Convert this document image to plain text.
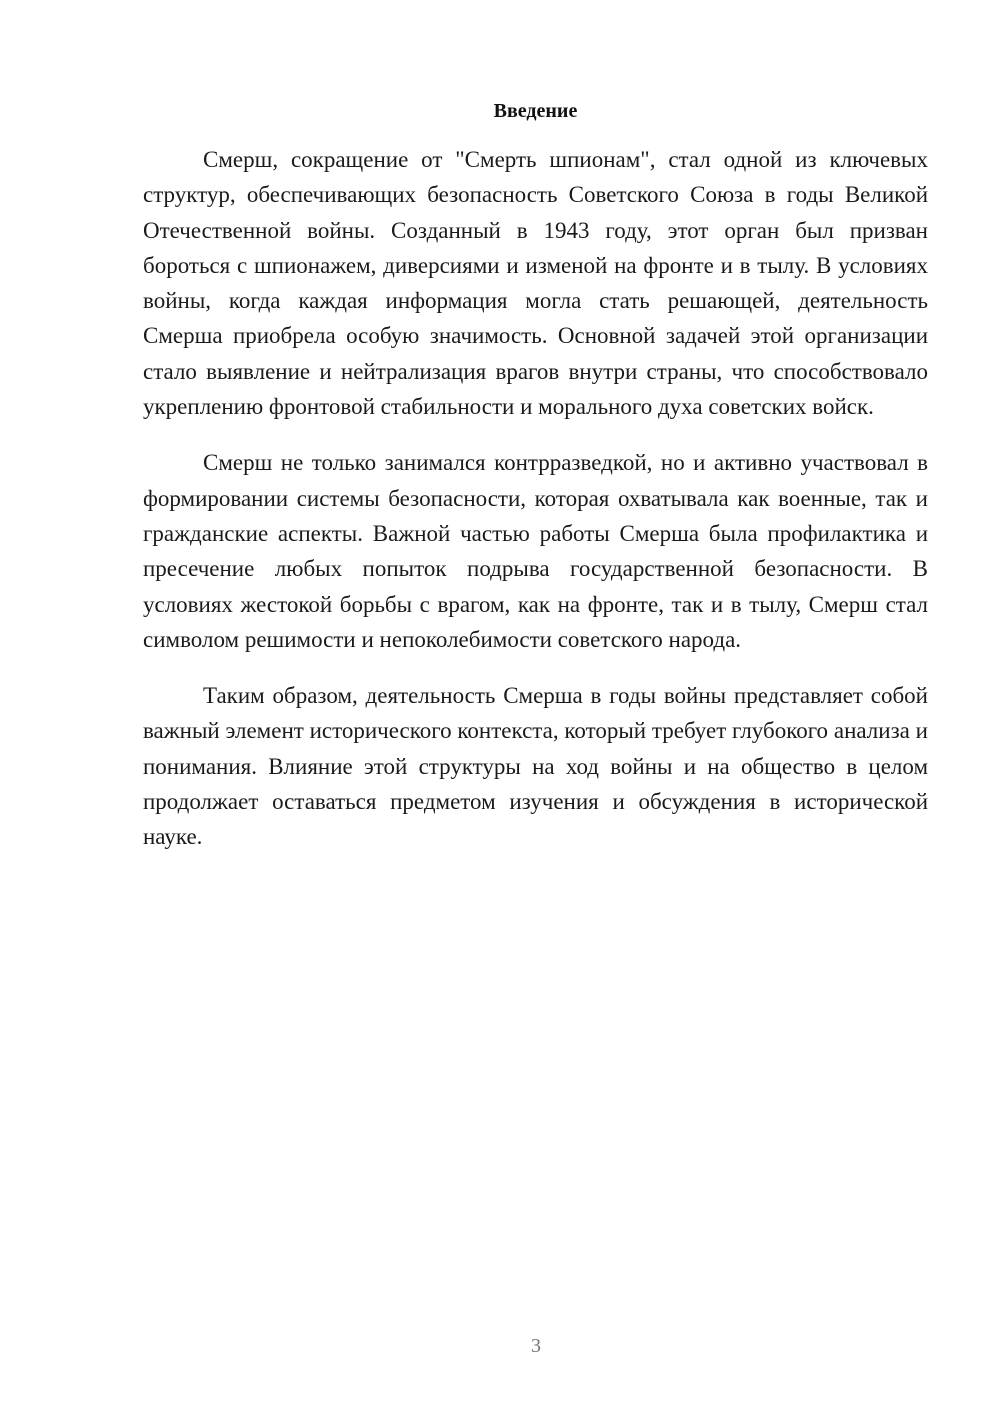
Введение

Смерш, сокращение от "Смерть шпионам", стал одной из ключевых структур, обеспечивающих безопасность Советского Союза в годы Великой Отечественной войны. Созданный в 1943 году, этот орган был призван бороться с шпионажем, диверсиями и изменой на фронте и в тылу. В условиях войны, когда каждая информация могла стать решающей, деятельность Смерша приобрела особую значимость. Основной задачей этой организации стало выявление и нейтрализация врагов внутри страны, что способствовало укреплению фронтовой стабильности и морального духа советских войск.

Смерш не только занимался контрразведкой, но и активно участвовал в формировании системы безопасности, которая охватывала как военные, так и гражданские аспекты. Важной частью работы Смерша была профилактика и пресечение любых попыток подрыва государственной безопасности. В условиях жестокой борьбы с врагом, как на фронте, так и в тылу, Смерш стал символом решимости и непоколебимости советского народа.

Таким образом, деятельность Смерша в годы войны представляет собой важный элемент исторического контекста, который требует глубокого анализа и понимания. Влияние этой структуры на ход войны и на общество в целом продолжает оставаться предметом изучения и обсуждения в исторической науке.

3
